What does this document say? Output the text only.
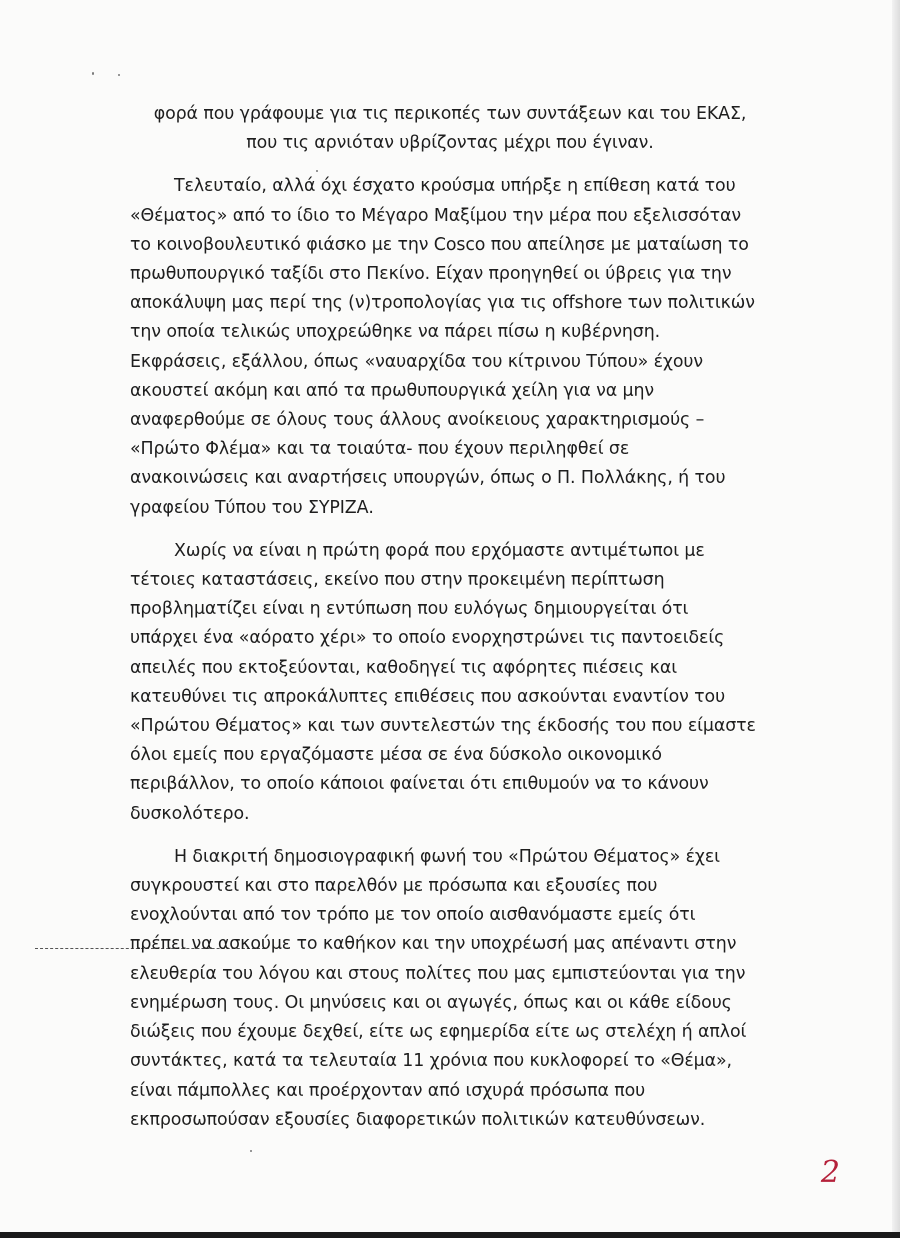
φορά που γράφουμε για τις περικοπές των συντάξεων και του ΕΚΑΣ,
που τις αρνιόταν υβρίζοντας μέχρι που έγιναν.

Τελευταίο, αλλά όχι έσχατο κρούσμα υπήρξε η επίθεση κατά του
«Θέματος» από το ίδιο το Μέγαρο Μαξίμου την μέρα που εξελισσόταν
το κοινοβουλευτικό φιάσκο με την Cosco που απείλησε με ματαίωση το
πρωθυπουργικό ταξίδι στο Πεκίνο. Είχαν προηγηθεί οι ύβρεις για την
αποκάλυψη μας περί της (ν)τροπολογίας για τις offshore των πολιτικών
την οποία τελικώς υποχρεώθηκε να πάρει πίσω η κυβέρνηση.
Εκφράσεις, εξάλλου, όπως «ναυαρχίδα του κίτρινου Τύπου» έχουν
ακουστεί ακόμη και από τα πρωθυπουργικά χείλη για να μην
αναφερθούμε σε όλους τους άλλους ανοίκειους χαρακτηρισμούς –
«Πρώτο Φλέμα» και τα τοιαύτα- που έχουν περιληφθεί σε
ανακοινώσεις και αναρτήσεις υπουργών, όπως ο Π. Πολλάκης, ή του
γραφείου Τύπου του ΣΥΡΙΖΑ.

Χωρίς να είναι η πρώτη φορά που ερχόμαστε αντιμέτωποι με
τέτοιες καταστάσεις, εκείνο που στην προκειμένη περίπτωση
προβληματίζει είναι η εντύπωση που ευλόγως δημιουργείται ότι
υπάρχει ένα «αόρατο χέρι» το οποίο ενορχηστρώνει τις παντοειδείς
απειλές που εκτοξεύονται, καθοδηγεί τις αφόρητες πιέσεις και
κατευθύνει τις απροκάλυπτες επιθέσεις που ασκούνται εναντίον του
«Πρώτου Θέματος» και των συντελεστών της έκδοσής του που είμαστε
όλοι εμείς που εργαζόμαστε μέσα σε ένα δύσκολο οικονομικό
περιβάλλον, το οποίο κάποιοι φαίνεται ότι επιθυμούν να το κάνουν
δυσκολότερο.

Η διακριτή δημοσιογραφική φωνή του «Πρώτου Θέματος» έχει
συγκρουστεί και στο παρελθόν με πρόσωπα και εξουσίες που
ενοχλούνται από τον τρόπο με τον οποίο αισθανόμαστε εμείς ότι
πρέπει να ασκούμε το καθήκον και την υποχρέωσή μας απέναντι στην
ελευθερία του λόγου και στους πολίτες που μας εμπιστεύονται για την
ενημέρωση τους. Οι μηνύσεις και οι αγωγές, όπως και οι κάθε είδους
διώξεις που έχουμε δεχθεί, είτε ως εφημερίδα είτε ως στελέχη ή απλοί
συντάκτες, κατά τα τελευταία 11 χρόνια που κυκλοφορεί το «Θέμα»,
είναι πάμπολλες και προέρχονταν από ισχυρά πρόσωπα που
εκπροσωπούσαν εξουσίες διαφορετικών πολιτικών κατευθύνσεων.

2
